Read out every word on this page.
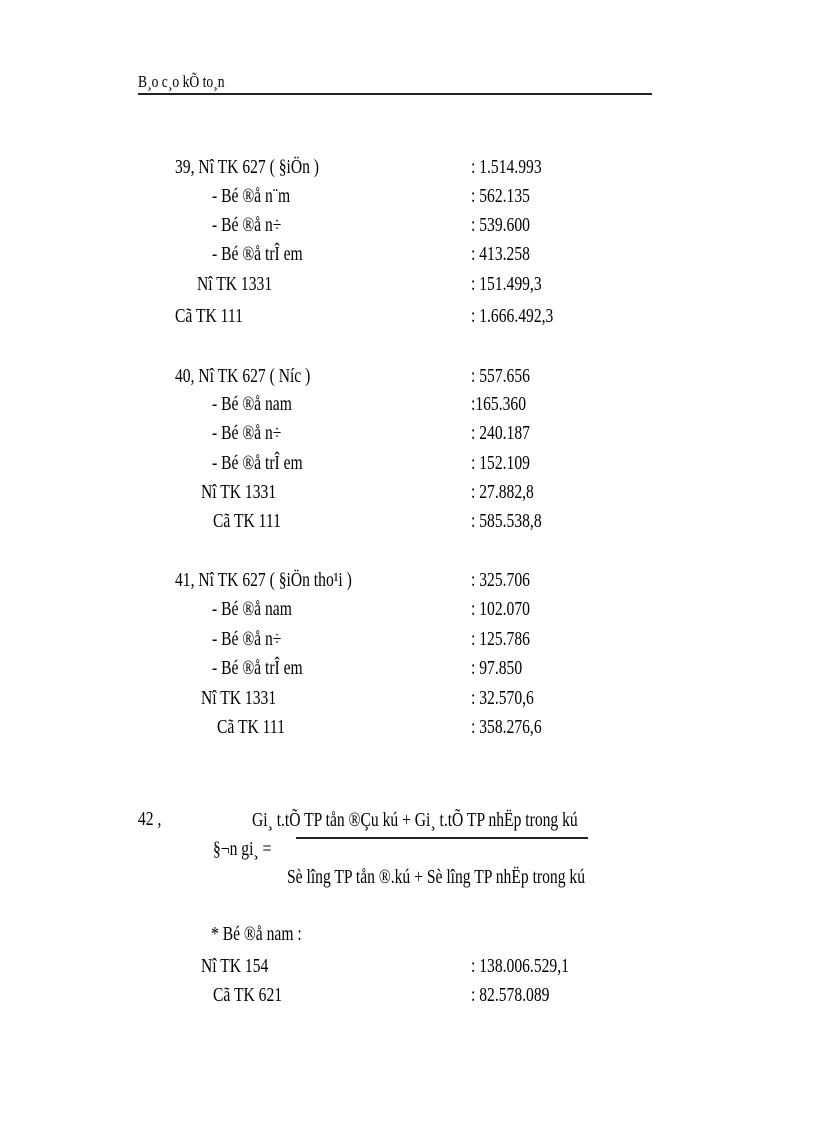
B¸o c¸o kÕ to¸n
39, Nî TK 627 ( §iÖn )	: 1.514.993
- Bé ®å n¨m	: 562.135
- Bé ®å n÷	: 539.600
- Bé ®å trÎ em	: 413.258
Nî TK 1331	: 151.499,3
Cã TK 111	: 1.666.492,3
40, Nî TK 627 ( Níc )	: 557.656
- Bé ®å nam	:165.360
- Bé ®å n÷	: 240.187
- Bé ®å trÎ em	: 152.109
Nî TK 1331	: 27.882,8
Cã TK 111	: 585.538,8
41, Nî TK 627 ( §iÖn tho¹i )	: 325.706
- Bé ®å nam	: 102.070
- Bé ®å n÷	: 125.786
- Bé ®å trÎ em	: 97.850
Nî TK 1331	: 32.570,6
Cã TK 111	: 358.276,6
42 ,	Gi¸ t.tÕ TP tån ®Çu kú + Gi¸ t.tÕ TP nhËp trong kú
§¬n gi¸ =
Sè lîng TP tån ®.kú + Sè lîng TP nhËp trong kú
* Bé ®å nam :
Nî TK 154	: 138.006.529,1
Cã TK 621	: 82.578.089
